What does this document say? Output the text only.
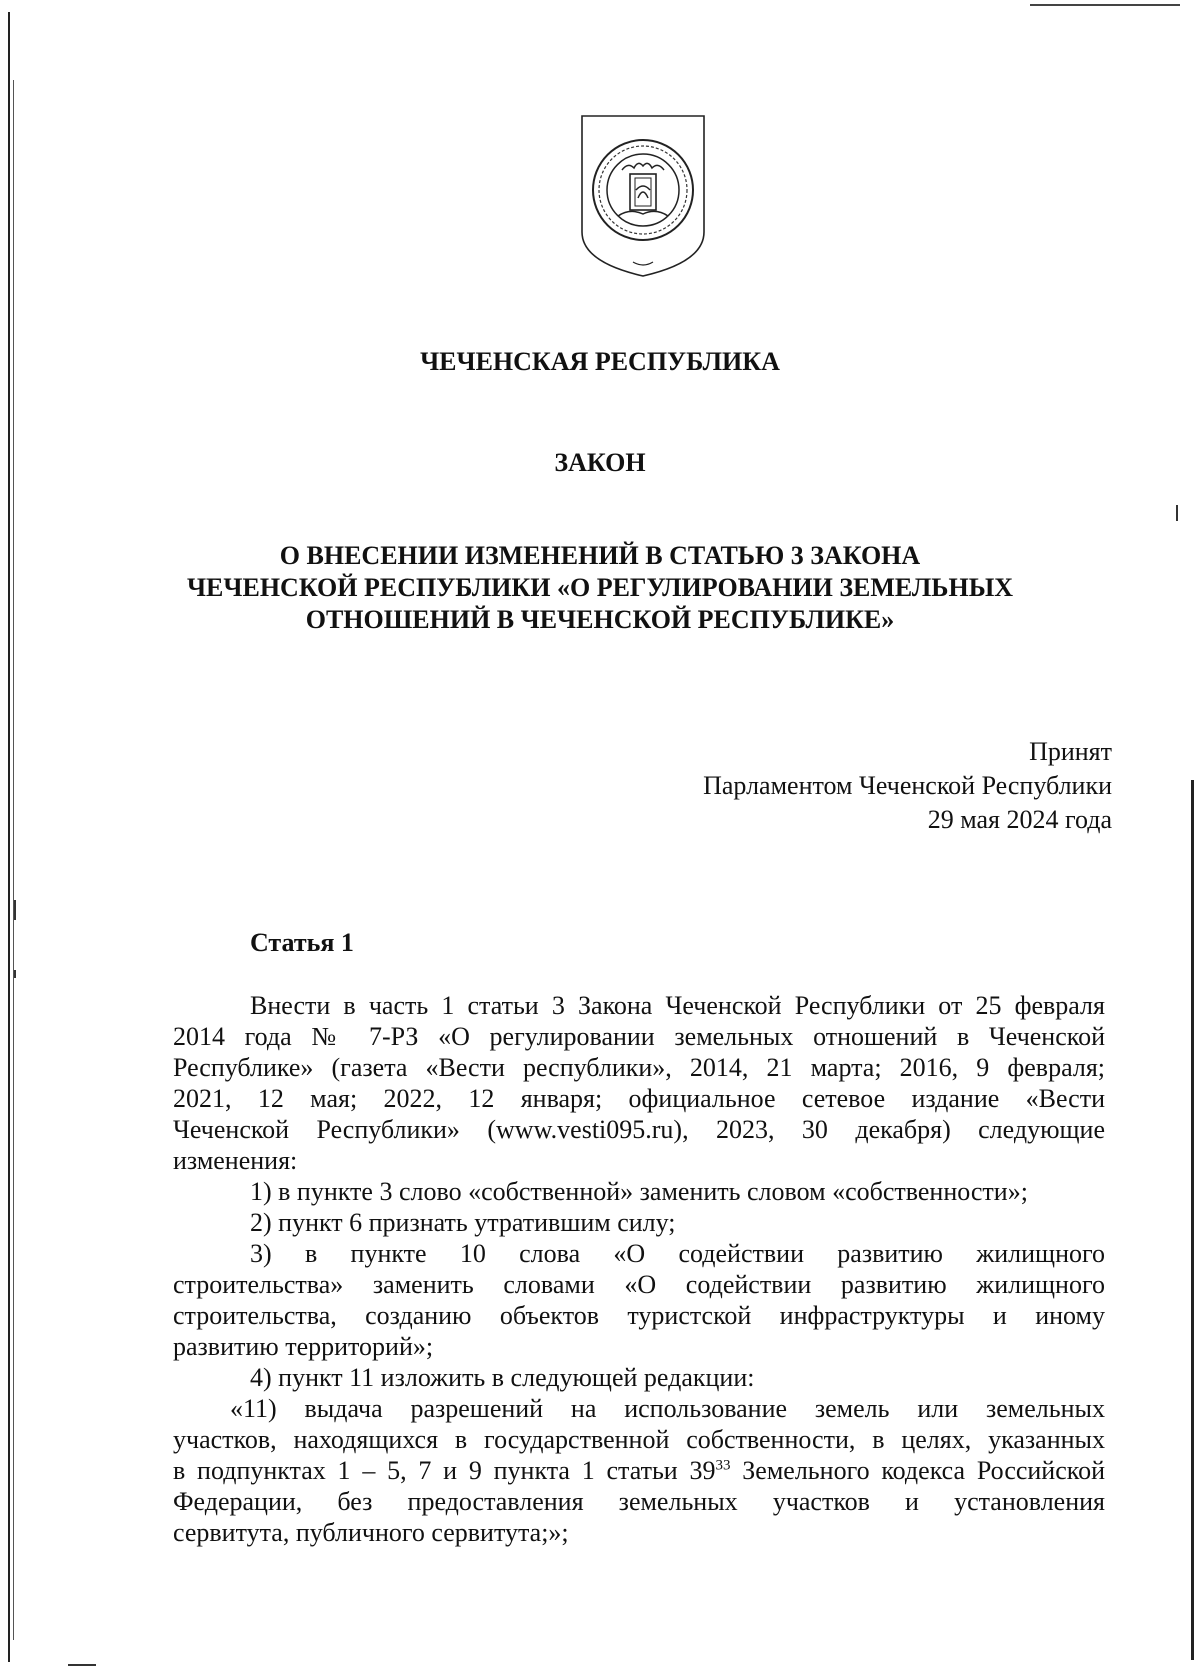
ЧЕЧЕНСКАЯ РЕСПУБЛИКА
ЗАКОН
О ВНЕСЕНИИ ИЗМЕНЕНИЙ В СТАТЬЮ 3 ЗАКОНА
ЧЕЧЕНСКОЙ РЕСПУБЛИКИ «О РЕГУЛИРОВАНИИ ЗЕМЕЛЬНЫХ
ОТНОШЕНИЙ В ЧЕЧЕНСКОЙ РЕСПУБЛИКЕ»
Принят
Парламентом Чеченской Республики
29 мая 2024 года
Статья 1
Внести в часть 1 статьи 3 Закона Чеченской Республики от 25 февраля
2014 года № 7-РЗ «О регулировании земельных отношений в Чеченской
Республике» (газета «Вести республики», 2014, 21 марта; 2016, 9 февраля;
2021, 12 мая; 2022, 12 января; официальное сетевое издание «Вести
Чеченской Республики» (www.vesti095.ru), 2023, 30 декабря) следующие
изменения:
1) в пункте 3 слово «собственной» заменить словом «собственности»;
2) пункт 6 признать утратившим силу;
3) в пункте 10 слова «О содействии развитию жилищного
строительства» заменить словами «О содействии развитию жилищного
строительства, созданию объектов туристской инфраструктуры и иному
развитию территорий»;
4) пункт 11 изложить в следующей редакции:
«11) выдача разрешений на использование земель или земельных
участков, находящихся в государственной собственности, в целях, указанных
в подпунктах 1 – 5, 7 и 9 пункта 1 статьи $39^{33}$ Земельного кодекса Российской
Федерации, без предоставления земельных участков и установления
сервитута, публичного сервитута;»;
